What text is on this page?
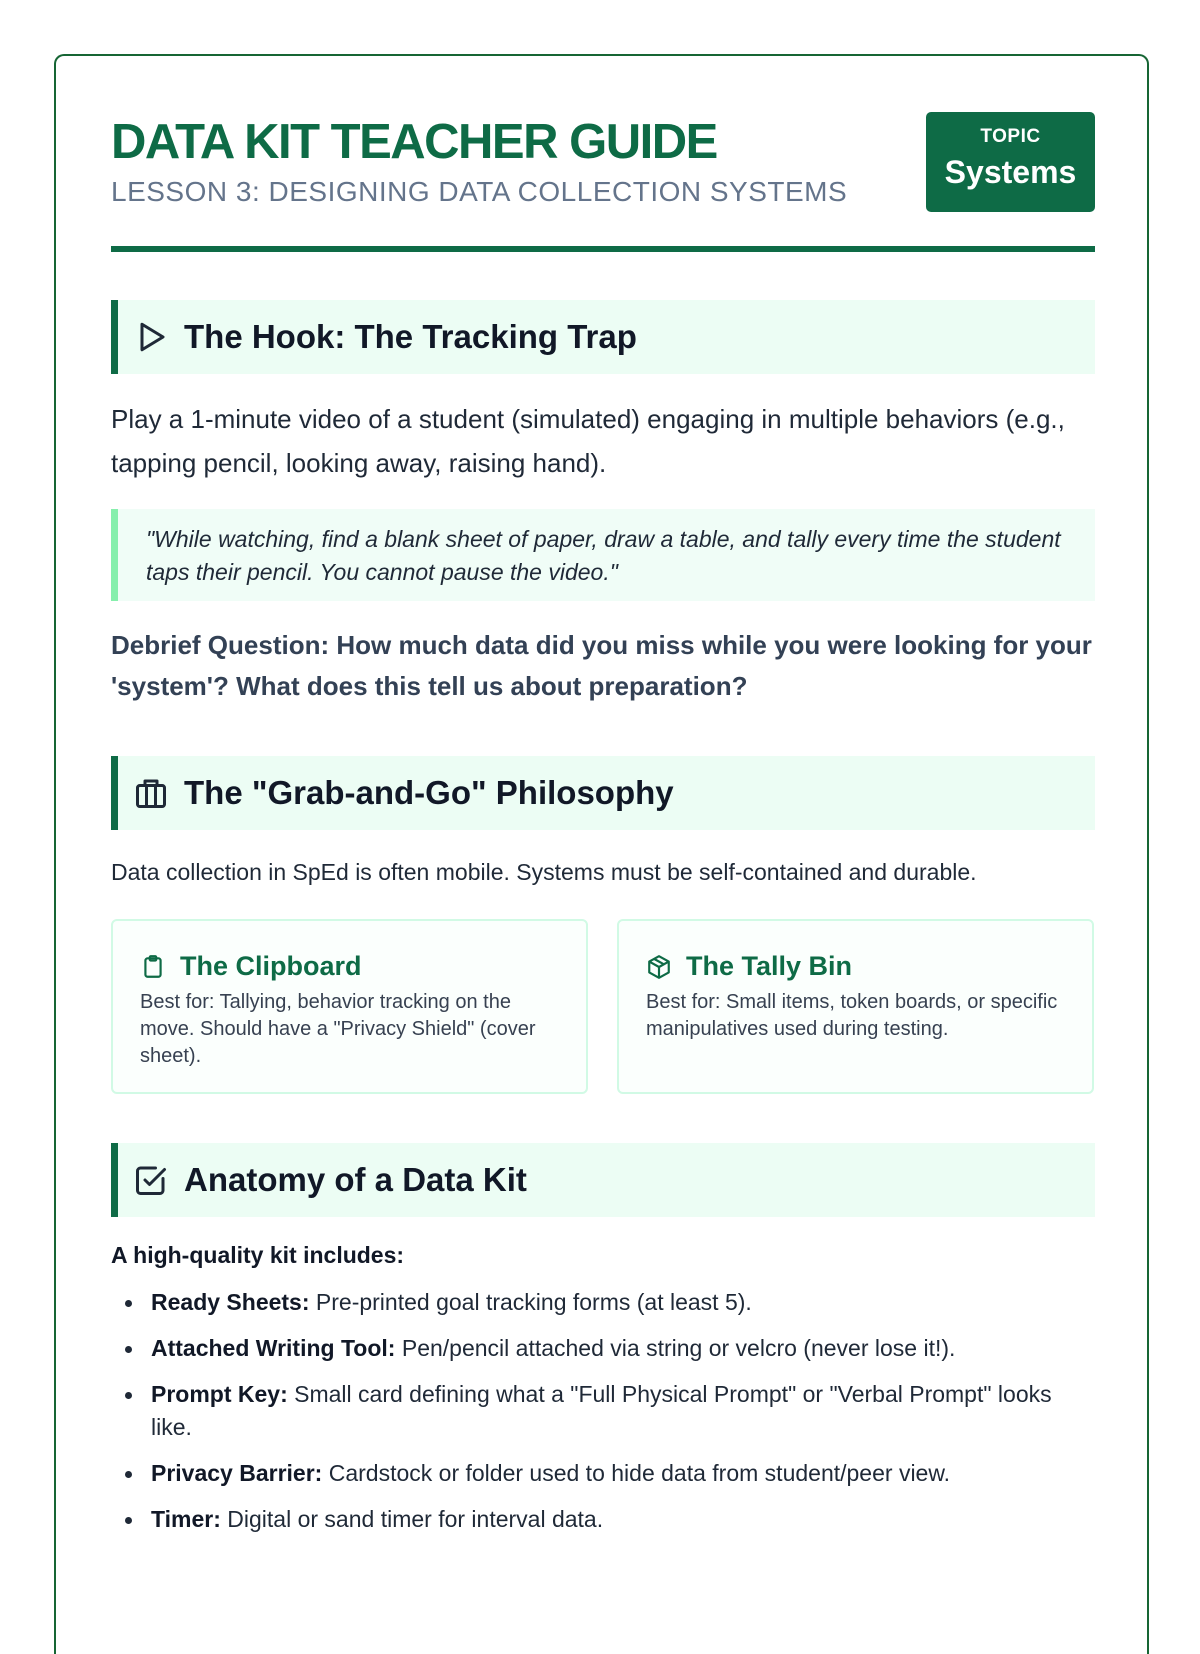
DATA KIT TEACHER GUIDE
LESSON 3: DESIGNING DATA COLLECTION SYSTEMS
TOPIC
Systems
The Hook: The Tracking Trap
Play a 1-minute video of a student (simulated) engaging in multiple behaviors (e.g., tapping pencil, looking away, raising hand).
"While watching, find a blank sheet of paper, draw a table, and tally every time the student taps their pencil. You cannot pause the video."
Debrief Question: How much data did you miss while you were looking for your 'system'? What does this tell us about preparation?
The "Grab-and-Go" Philosophy
Data collection in SpEd is often mobile. Systems must be self-contained and durable.
The Clipboard
Best for: Tallying, behavior tracking on the move. Should have a "Privacy Shield" (cover sheet).
The Tally Bin
Best for: Small items, token boards, or specific manipulatives used during testing.
Anatomy of a Data Kit
A high-quality kit includes:
Ready Sheets: Pre-printed goal tracking forms (at least 5).
Attached Writing Tool: Pen/pencil attached via string or velcro (never lose it!).
Prompt Key: Small card defining what a "Full Physical Prompt" or "Verbal Prompt" looks like.
Privacy Barrier: Cardstock or folder used to hide data from student/peer view.
Timer: Digital or sand timer for interval data.
